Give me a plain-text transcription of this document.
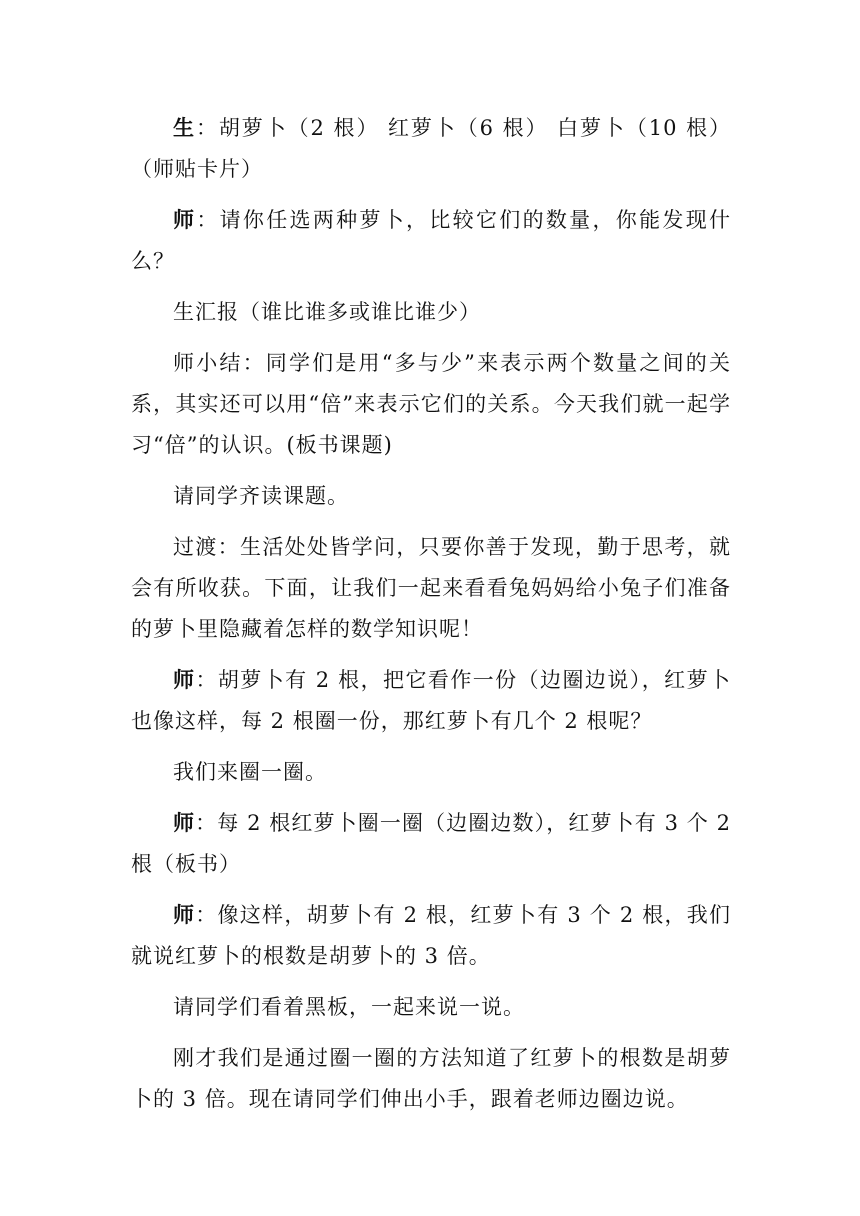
生：胡萝卜（2 根） 红萝卜（6 根） 白萝卜（10 根）（师贴卡片）

师：请你任选两种萝卜，比较它们的数量，你能发现什么？

生汇报（谁比谁多或谁比谁少）

师小结：同学们是用“多与少”来表示两个数量之间的关系，其实还可以用“倍”来表示它们的关系。今天我们就一起学习“倍”的认识。(板书课题)

请同学齐读课题。

过渡：生活处处皆学问，只要你善于发现，勤于思考，就会有所收获。下面，让我们一起来看看兔妈妈给小兔子们准备的萝卜里隐藏着怎样的数学知识呢！

师：胡萝卜有 2 根，把它看作一份（边圈边说），红萝卜也像这样，每 2 根圈一份，那红萝卜有几个 2 根呢？

我们来圈一圈。

师：每 2 根红萝卜圈一圈（边圈边数），红萝卜有 3 个 2 根（板书）

师：像这样，胡萝卜有 2 根，红萝卜有 3 个 2 根，我们就说红萝卜的根数是胡萝卜的 3 倍。

请同学们看着黑板，一起来说一说。

刚才我们是通过圈一圈的方法知道了红萝卜的根数是胡萝卜的 3 倍。现在请同学们伸出小手，跟着老师边圈边说。
